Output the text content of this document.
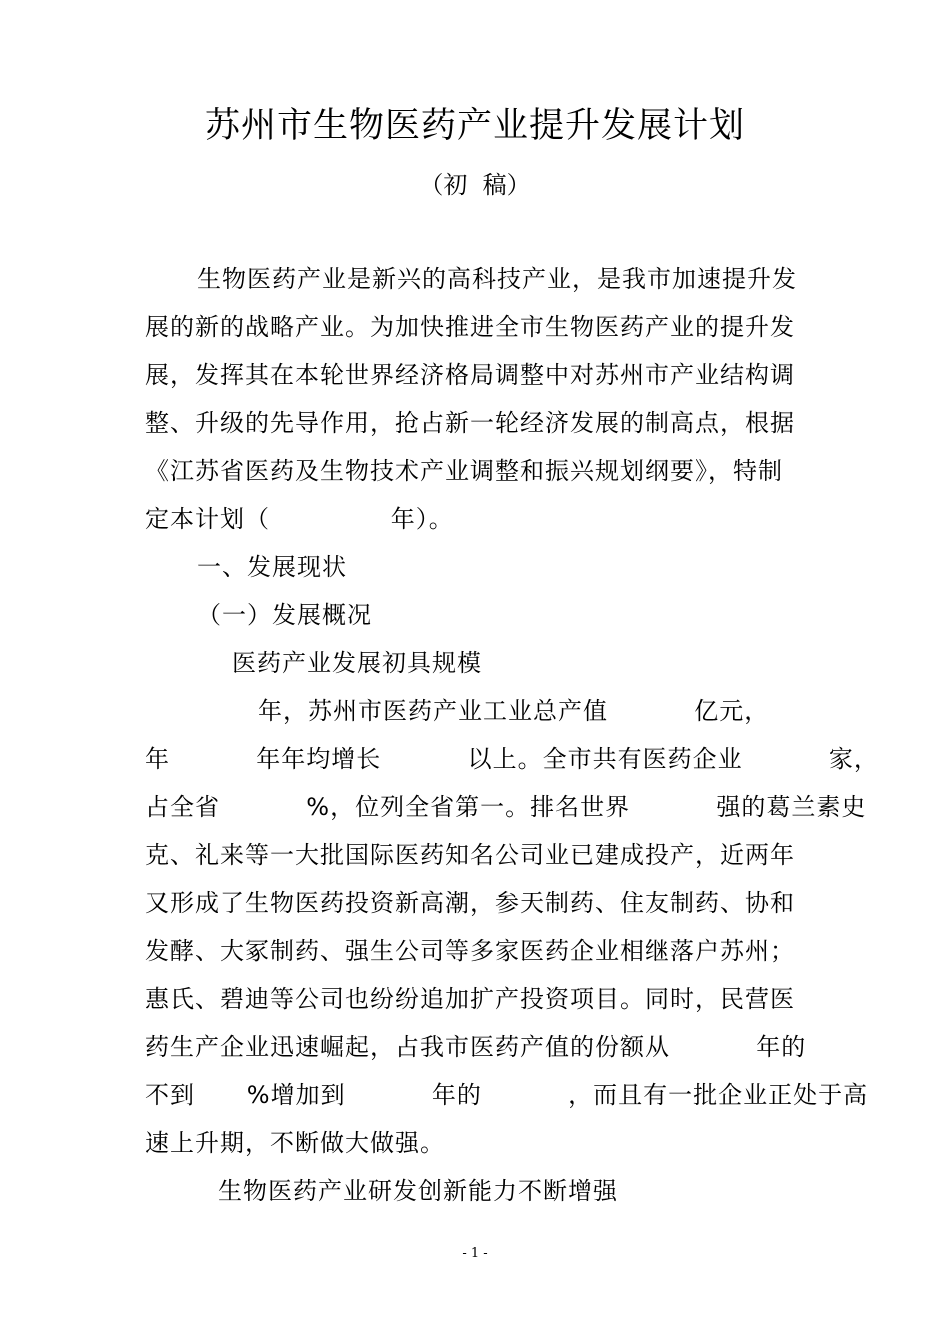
苏州市生物医药产业提升发展计划
（初  稿）
生物医药产业是新兴的高科技产业，是我市加速提升发
展的新的战略产业。为加快推进全市生物医药产业的提升发
展，发挥其在本轮世界经济格局调整中对苏州市产业结构调
整、升级的先导作用，抢占新一轮经济发展的制高点，根据
《江苏省医药及生物技术产业调整和振兴规划纲要》，特制
定本计划（              年）。
一、发展现状
（一）发展概况
医药产业发展初具规模
年，苏州市医药产业工业总产值          亿元，
年          年年均增长          以上。全市共有医药企业          家，
占全省          %，位列全省第一。排名世界          强的葛兰素史
克、礼来等一大批国际医药知名公司业已建成投产，近两年
又形成了生物医药投资新高潮，参天制药、住友制药、协和
发酵、大冢制药、强生公司等多家医药企业相继落户苏州；
惠氏、碧迪等公司也纷纷追加扩产投资项目。同时，民营医
药生产企业迅速崛起，占我市医药产值的份额从          年的
不到      %增加到          年的          ，而且有一批企业正处于高
速上升期，不断做大做强。
生物医药产业研发创新能力不断增强
- 1 -
